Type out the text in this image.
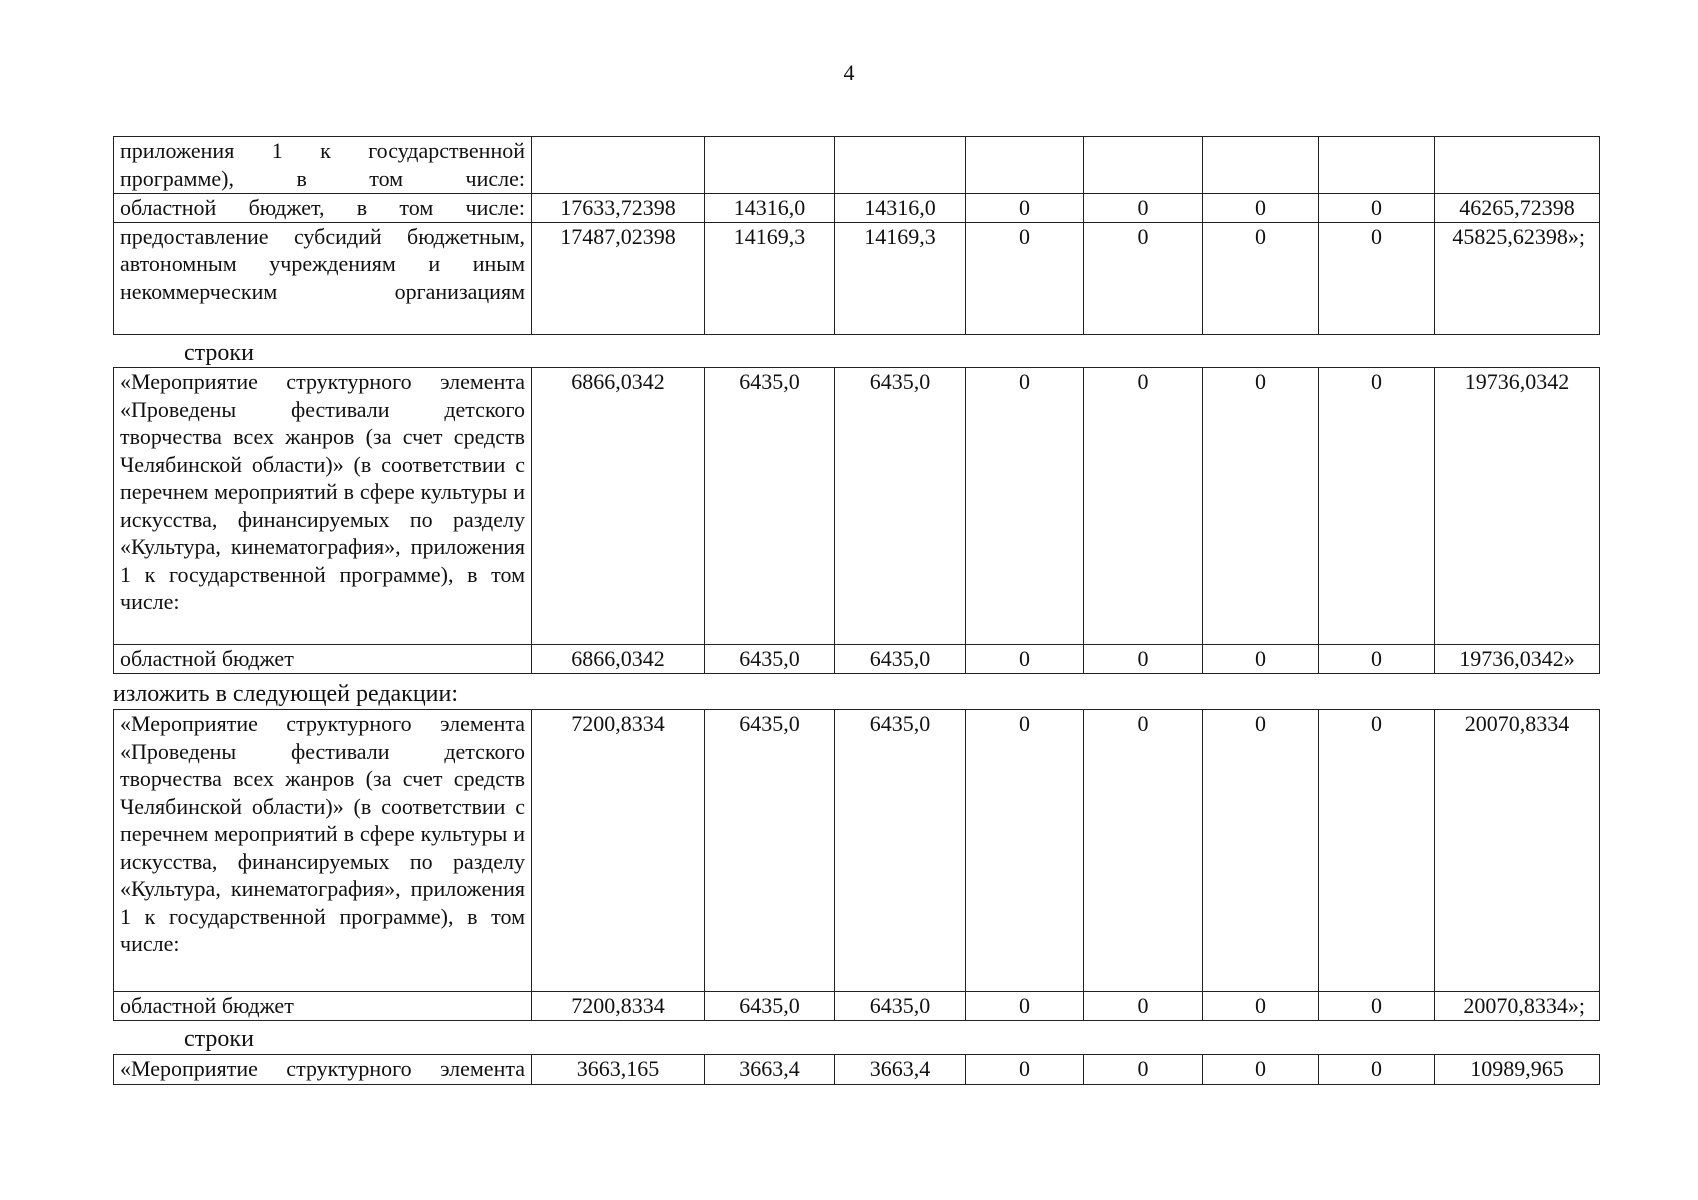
4
приложения 1 к государственной программе), в том числе:								
областной бюджет, в том числе:	17633,72398	14316,0	14316,0	0	0	0	0	46265,72398
предоставление субсидий бюджетным, автономным учреждениям и иным некоммерческим организациям	17487,02398	14169,3	14169,3	0	0	0	0	45825,62398»;
строки
«Мероприятие структурного элемента «Проведены фестивали детского творчества всех жанров (за счет средств Челябинской области)» (в соответствии с перечнем мероприятий в сфере культуры и искусства, финансируемых по разделу «Культура, кинематография», приложения 1 к государственной программе), в том числе:	6866,0342	6435,0	6435,0	0	0	0	0	19736,0342
областной бюджет	6866,0342	6435,0	6435,0	0	0	0	0	19736,0342»
изложить в следующей редакции:
«Мероприятие структурного элемента «Проведены фестивали детского творчества всех жанров (за счет средств Челябинской области)» (в соответствии с перечнем мероприятий в сфере культуры и искусства, финансируемых по разделу «Культура, кинематография», приложения 1 к государственной программе), в том числе:	7200,8334	6435,0	6435,0	0	0	0	0	20070,8334
областной бюджет	7200,8334	6435,0	6435,0	0	0	0	0	20070,8334»;
строки
«Мероприятие структурного элемента	3663,165	3663,4	3663,4	0	0	0	0	10989,965
